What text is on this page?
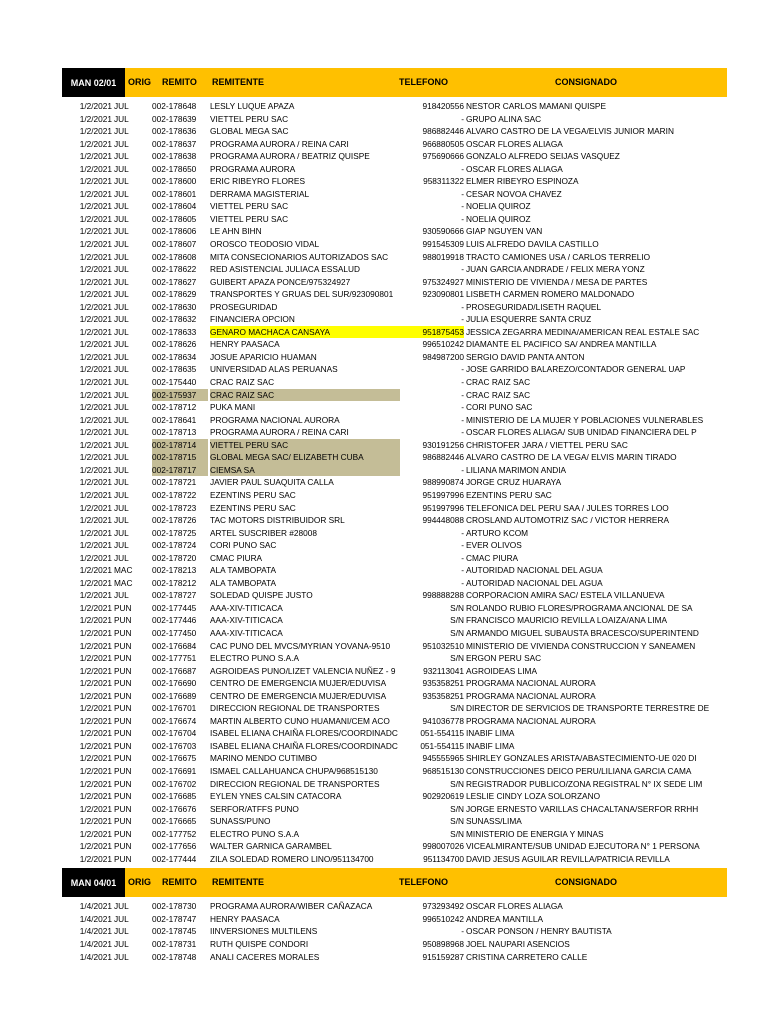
MAN 02/01	ORIG REMITO REMITENTE	TELEFONO	CONSIGNADO
1/2/2021 JUL	002-178648	LESLY LUQUE APAZA	918420556 NESTOR CARLOS MAMANI QUISPE
1/2/2021 JUL	002-178639	VIETTEL PERU SAC	- GRUPO ALINA SAC
1/2/2021 JUL	002-178636	GLOBAL MEGA SAC	986882446 ALVARO CASTRO DE LA VEGA/ELVIS JUNIOR MARIN
1/2/2021 JUL	002-178637	PROGRAMA AURORA / REINA CARI	966880505 OSCAR FLORES ALIAGA
1/2/2021 JUL	002-178638	PROGRAMA AURORA / BEATRIZ QUISPE	975690666 GONZALO ALFREDO SEIJAS VASQUEZ
1/2/2021 JUL	002-178650	PROGRAMA AURORA	- OSCAR FLORES ALIAGA
1/2/2021 JUL	002-178600	ERIC RIBEYRO FLORES	958311322 ELMER RIBEYRO ESPINOZA
1/2/2021 JUL	002-178601	DERRAMA MAGISTERIAL	- CESAR NOVOA CHAVEZ
1/2/2021 JUL	002-178604	VIETTEL PERU SAC	- NOELIA QUIROZ
1/2/2021 JUL	002-178605	VIETTEL PERU SAC	- NOELIA QUIROZ
1/2/2021 JUL	002-178606	LE AHN BIHN	930590666 GIAP NGUYEN VAN
1/2/2021 JUL	002-178607	OROSCO TEODOSIO VIDAL	991545309 LUIS ALFREDO DAVILA CASTILLO
1/2/2021 JUL	002-178608	MITA CONSECIONARIOS AUTORIZADOS SAC	988019918 TRACTO CAMIONES USA / CARLOS TERRELIO
1/2/2021 JUL	002-178622	RED ASISTENCIAL JULIACA ESSALUD	- JUAN GARCIA ANDRADE / FELIX MERA YONZ
1/2/2021 JUL	002-178627	GUIBERT APAZA PONCE/975324927	975324927 MINISTERIO DE VIVIENDA / MESA DE PARTES
1/2/2021 JUL	002-178629	TRANSPORTES Y GRUAS DEL SUR/923090801	923090801 LISBETH CARMEN ROMERO MALDONADO
1/2/2021 JUL	002-178630	PROSEGURIDAD	- PROSEGURIDAD/LISETH RAQUEL
1/2/2021 JUL	002-178632	FINANCIERA OPCION	- JULIA ESQUERRE SANTA CRUZ
1/2/2021 JUL	002-178633	GENARO MACHACA CANSAYA	951875453 JESSICA ZEGARRA MEDINA/AMERICAN REAL ESTALE SAC
1/2/2021 JUL	002-178626	HENRY PAASACA	996510242 DIAMANTE EL PACIFICO SA/ ANDREA MANTILLA
1/2/2021 JUL	002-178634	JOSUE APARICIO HUAMAN	984987200 SERGIO DAVID PANTA ANTON
1/2/2021 JUL	002-178635	UNIVERSIDAD ALAS PERUANAS	- JOSE GARRIDO BALAREZO/CONTADOR GENERAL UAP
1/2/2021 JUL	002-175440	CRAC RAIZ SAC	- CRAC RAIZ SAC
1/2/2021 JUL	002-175937	CRAC RAIZ SAC	- CRAC RAIZ SAC
1/2/2021 JUL	002-178712	PUKA MANI	- CORI PUNO SAC
1/2/2021 JUL	002-178641	PROGRAMA NACIONAL AURORA	- MINISTERIO DE LA MUJER Y POBLACIONES VULNERABLES
1/2/2021 JUL	002-178713	PROGRAMA AURORA / REINA CARI	- OSCAR FLORES ALIAGA/ SUB UNIDAD FINANCIERA DEL P
1/2/2021 JUL	002-178714	VIETTEL PERU SAC	930191256 CHRISTOFER JARA / VIETTEL PERU SAC
1/2/2021 JUL	002-178715	GLOBAL MEGA SAC/ ELIZABETH CUBA	986882446 ALVARO CASTRO DE LA VEGA/ ELVIS MARIN TIRADO
1/2/2021 JUL	002-178717	CIEMSA SA	- LILIANA MARIMON ANDIA
1/2/2021 JUL	002-178721	JAVIER PAUL SUAQUITA CALLA	988990874 JORGE CRUZ HUARAYA
1/2/2021 JUL	002-178722	EZENTINS PERU SAC	951997996 EZENTINS PERU SAC
1/2/2021 JUL	002-178723	EZENTINS PERU SAC	951997996 TELEFONICA DEL PERU SAA / JULES TORRES LOO
1/2/2021 JUL	002-178726	TAC MOTORS DISTRIBUIDOR SRL	994448088 CROSLAND AUTOMOTRIZ SAC / VICTOR HERRERA
1/2/2021 JUL	002-178725	ARTEL SUSCRIBER #28008	- ARTURO KCOM
1/2/2021 JUL	002-178724	CORI PUNO SAC	- EVER OLIVOS
1/2/2021 JUL	002-178720	CMAC PIURA	- CMAC PIURA
1/2/2021 MAC	002-178213	ALA TAMBOPATA	- AUTORIDAD NACIONAL DEL AGUA
1/2/2021 MAC	002-178212	ALA TAMBOPATA	- AUTORIDAD NACIONAL DEL AGUA
1/2/2021 JUL	002-178727	SOLEDAD QUISPE JUSTO	998888288 CORPORACION AMIRA SAC/ ESTELA VILLANUEVA
1/2/2021 PUN	002-177445	AAA-XIV-TITICACA	S/N ROLANDO RUBIO FLORES/PROGRAMA ANCIONAL DE SA
1/2/2021 PUN	002-177446	AAA-XIV-TITICACA	S/N FRANCISCO MAURICIO REVILLA LOAIZA/ANA LIMA
1/2/2021 PUN	002-177450	AAA-XIV-TITICACA	S/N ARMANDO MIGUEL SUBAUSTA BRACESCO/SUPERINTEND
1/2/2021 PUN	002-176684	CAC PUNO DEL MVCS/MYRIAN YOVANA-9510	951032510 MINISTERIO DE VIVIENDA CONSTRUCCION Y SANEAMEN
1/2/2021 PUN	002-177751	ELECTRO PUNO S.A.A	S/N ERGON PERU SAC
1/2/2021 PUN	002-176687	AGROIDEAS PUNO/LIZET VALENCIA NUÑEZ - 9	932113041 AGROIDEAS LIMA
1/2/2021 PUN	002-176690	CENTRO DE EMERGENCIA MUJER/EDUVISA	935358251 PROGRAMA NACIONAL AURORA
1/2/2021 PUN	002-176689	CENTRO DE EMERGENCIA MUJER/EDUVISA	935358251 PROGRAMA NACIONAL AURORA
1/2/2021 PUN	002-176701	DIRECCION REGIONAL DE TRANSPORTES	S/N DIRECTOR DE SERVICIOS DE TRANSPORTE TERRESTRE DE
1/2/2021 PUN	002-176674	MARTIN ALBERTO CUNO HUAMANI/CEM ACO	941036778 PROGRAMA NACIONAL AURORA
1/2/2021 PUN	002-176704	ISABEL ELIANA CHAIÑA FLORES/COORDINADC	051-554115 INABIF LIMA
1/2/2021 PUN	002-176703	ISABEL ELIANA CHAIÑA FLORES/COORDINADC	051-554115 INABIF LIMA
1/2/2021 PUN	002-176675	MARINO MENDO CUTIMBO	945555965 SHIRLEY GONZALES ARISTA/ABASTECIMIENTO-UE 020 DI
1/2/2021 PUN	002-176691	ISMAEL CALLAHUANCA CHUPA/968515130	968515130 CONSTRUCCIONES DEICO PERU/LILIANA GARCIA CAMA
1/2/2021 PUN	002-176702	DIRECCION REGIONAL DE TRANSPORTES	S/N REGISTRADOR PUBLICO/ZONA REGISTRAL N° IX SEDE LIM
1/2/2021 PUN	002-176685	EYLEN YNES CALSIN CATACORA	902920619 LESLIE CINDY LOZA SOLORZANO
1/2/2021 PUN	002-176676	SERFOR/ATFFS PUNO	S/N JORGE ERNESTO VARILLAS CHACALTANA/SERFOR RRHH
1/2/2021 PUN	002-176665	SUNASS/PUNO	S/N SUNASS/LIMA
1/2/2021 PUN	002-177752	ELECTRO PUNO S.A.A	S/N MINISTERIO DE ENERGIA Y MINAS
1/2/2021 PUN	002-177656	WALTER GARNICA GARAMBEL	998007026 VICEALMIRANTE/SUB UNIDAD EJECUTORA N° 1 PERSONA
1/2/2021 PUN	002-177444	ZILA SOLEDAD ROMERO LINO/951134700	951134700 DAVID JESUS AGUILAR REVILLA/PATRICIA REVILLA
MAN 04/01	ORIG REMITO REMITENTE	TELEFONO	CONSIGNADO
1/4/2021 JUL	002-178730	PROGRAMA AURORA/WIBER CAÑAZACA	973293492 OSCAR FLORES ALIAGA
1/4/2021 JUL	002-178747	HENRY PAASACA	996510242 ANDREA MANTILLA
1/4/2021 JUL	002-178745	IINVERSIONES MULTILENS	- OSCAR PONSON / HENRY BAUTISTA
1/4/2021 JUL	002-178731	RUTH QUISPE CONDORI	950898968 JOEL NAUPARI ASENCIOS
1/4/2021 JUL	002-178748	ANALI CACERES MORALES	915159287 CRISTINA CARRETERO CALLE
